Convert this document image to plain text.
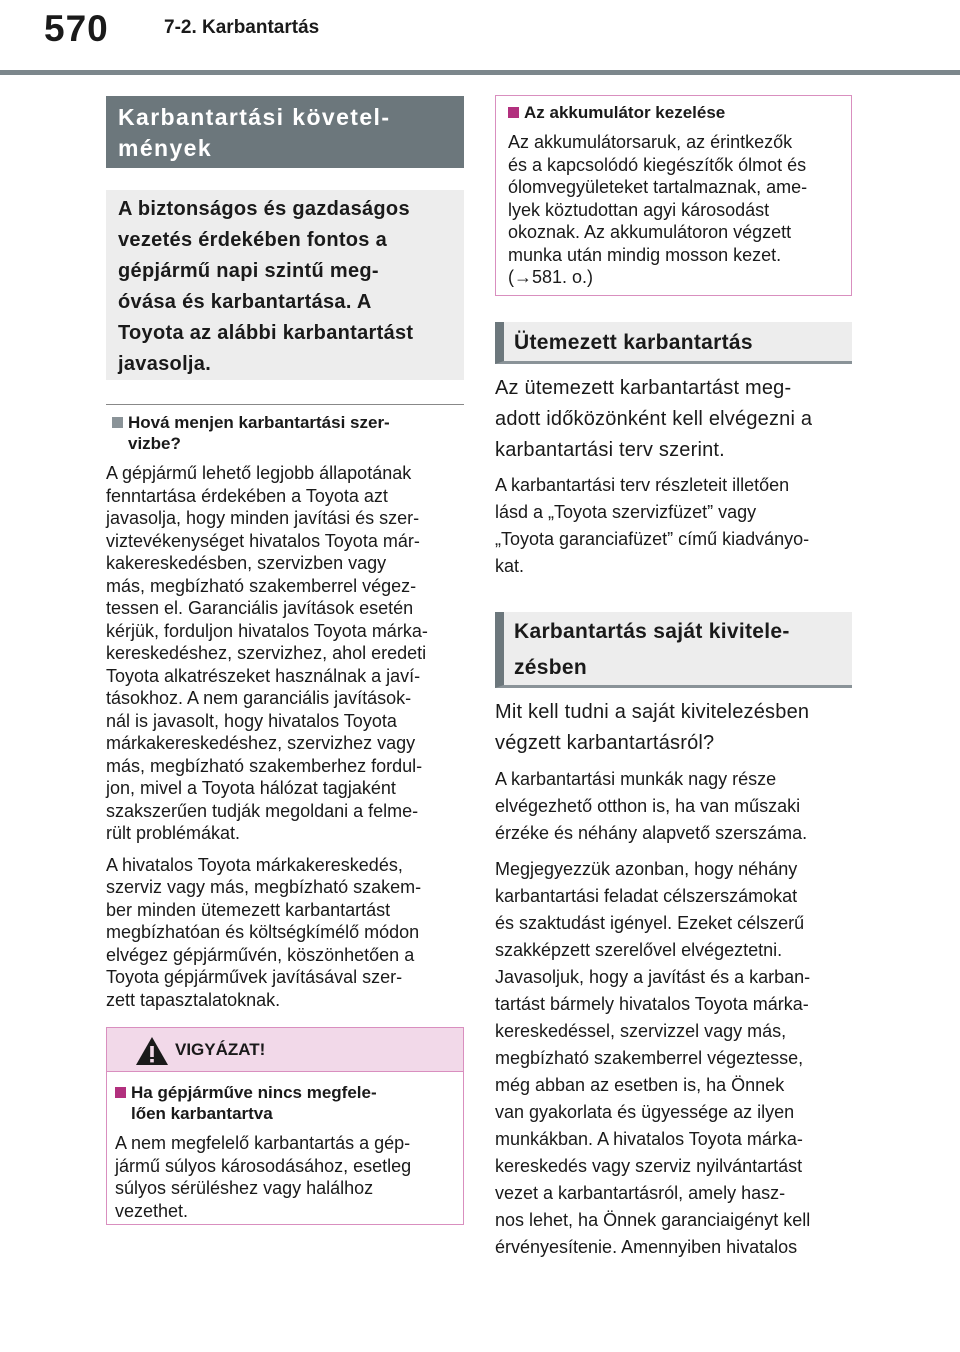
570	7-2. Karbantartás
Karbantartási követel-
mények
A biztonságos és gazdaságos
vezetés érdekében fontos a
gépjármű napi szintű meg-
óvása és karbantartása. A
Toyota az alábbi karbantartást
javasolja.
Hová menjen karbantartási szer-
vizbe?

A gépjármű lehető legjobb állapotának
fenntartása érdekében a Toyota azt
javasolja, hogy minden javítási és szer-
viztevékenységet hivatalos Toyota már-
kakereskedésben, szervizben vagy
más, megbízható szakemberrel végez-
tessen el. Garanciális javítások esetén
kérjük, forduljon hivatalos Toyota márka-
kereskedéshez, szervizhez, ahol eredeti
Toyota alkatrészeket használnak a javí-
tásokhoz. A nem garanciális javítások-
nál is javasolt, hogy hivatalos Toyota
márkakereskedéshez, szervizhez vagy
más, megbízható szakemberhez fordul-
jon, mivel a Toyota hálózat tagjaként
szakszerűen tudják megoldani a felme-
rült problémákat.

A hivatalos Toyota márkakereskedés,
szerviz vagy más, megbízható szakem-
ber minden ütemezett karbantartást
megbízhatóan és költségkímélő módon
elvégez gépjárművén, köszönhetően a
Toyota gépjárművek javításával szer-
zett tapasztalatoknak.

VIGYÁZAT!
Ha gépjárműve nincs megfele-
lően karbantartva
A nem megfelelő karbantartás a gép-
jármű súlyos károsodásához, esetleg
súlyos sérüléshez vagy halálhoz
vezethet.
Az akkumulátor kezelése
Az akkumulátorsaruk, az érintkezők
és a kapcsolódó kiegészítők ólmot és
ólomvegyületeket tartalmaznak, ame-
lyek köztudottan agyi károsodást
okoznak. Az akkumulátoron végzett
munka után mindig mosson kezet.
(→581. o.)
Ütemezett karbantartás
Az ütemezett karbantartást meg-
adott időközönként kell elvégezni a
karbantartási terv szerint.
A karbantartási terv részleteit illetően
lásd a „Toyota szervizfüzet” vagy
„Toyota garanciafüzet” című kiadványo-
kat.
Karbantartás saját kivitele-
zésben
Mit kell tudni a saját kivitelezésben
végzett karbantartásról?

A karbantartási munkák nagy része
elvégezhető otthon is, ha van műszaki
érzéke és néhány alapvető szerszáma.

Megjegyezzük azonban, hogy néhány
karbantartási feladat célszerszámokat
és szaktudást igényel. Ezeket célszerű
szakképzett szerelővel elvégeztetni.
Javasoljuk, hogy a javítást és a karban-
tartást bármely hivatalos Toyota márka-
kereskedéssel, szervizzel vagy más,
megbízható szakemberrel végeztesse,
még abban az esetben is, ha Önnek
van gyakorlata és ügyessége az ilyen
munkákban. A hivatalos Toyota márka-
kereskedés vagy szerviz nyilvántartást
vezet a karbantartásról, amely hasz-
nos lehet, ha Önnek garanciaigényt kell
érvényesítenie. Amennyiben hivatalos
